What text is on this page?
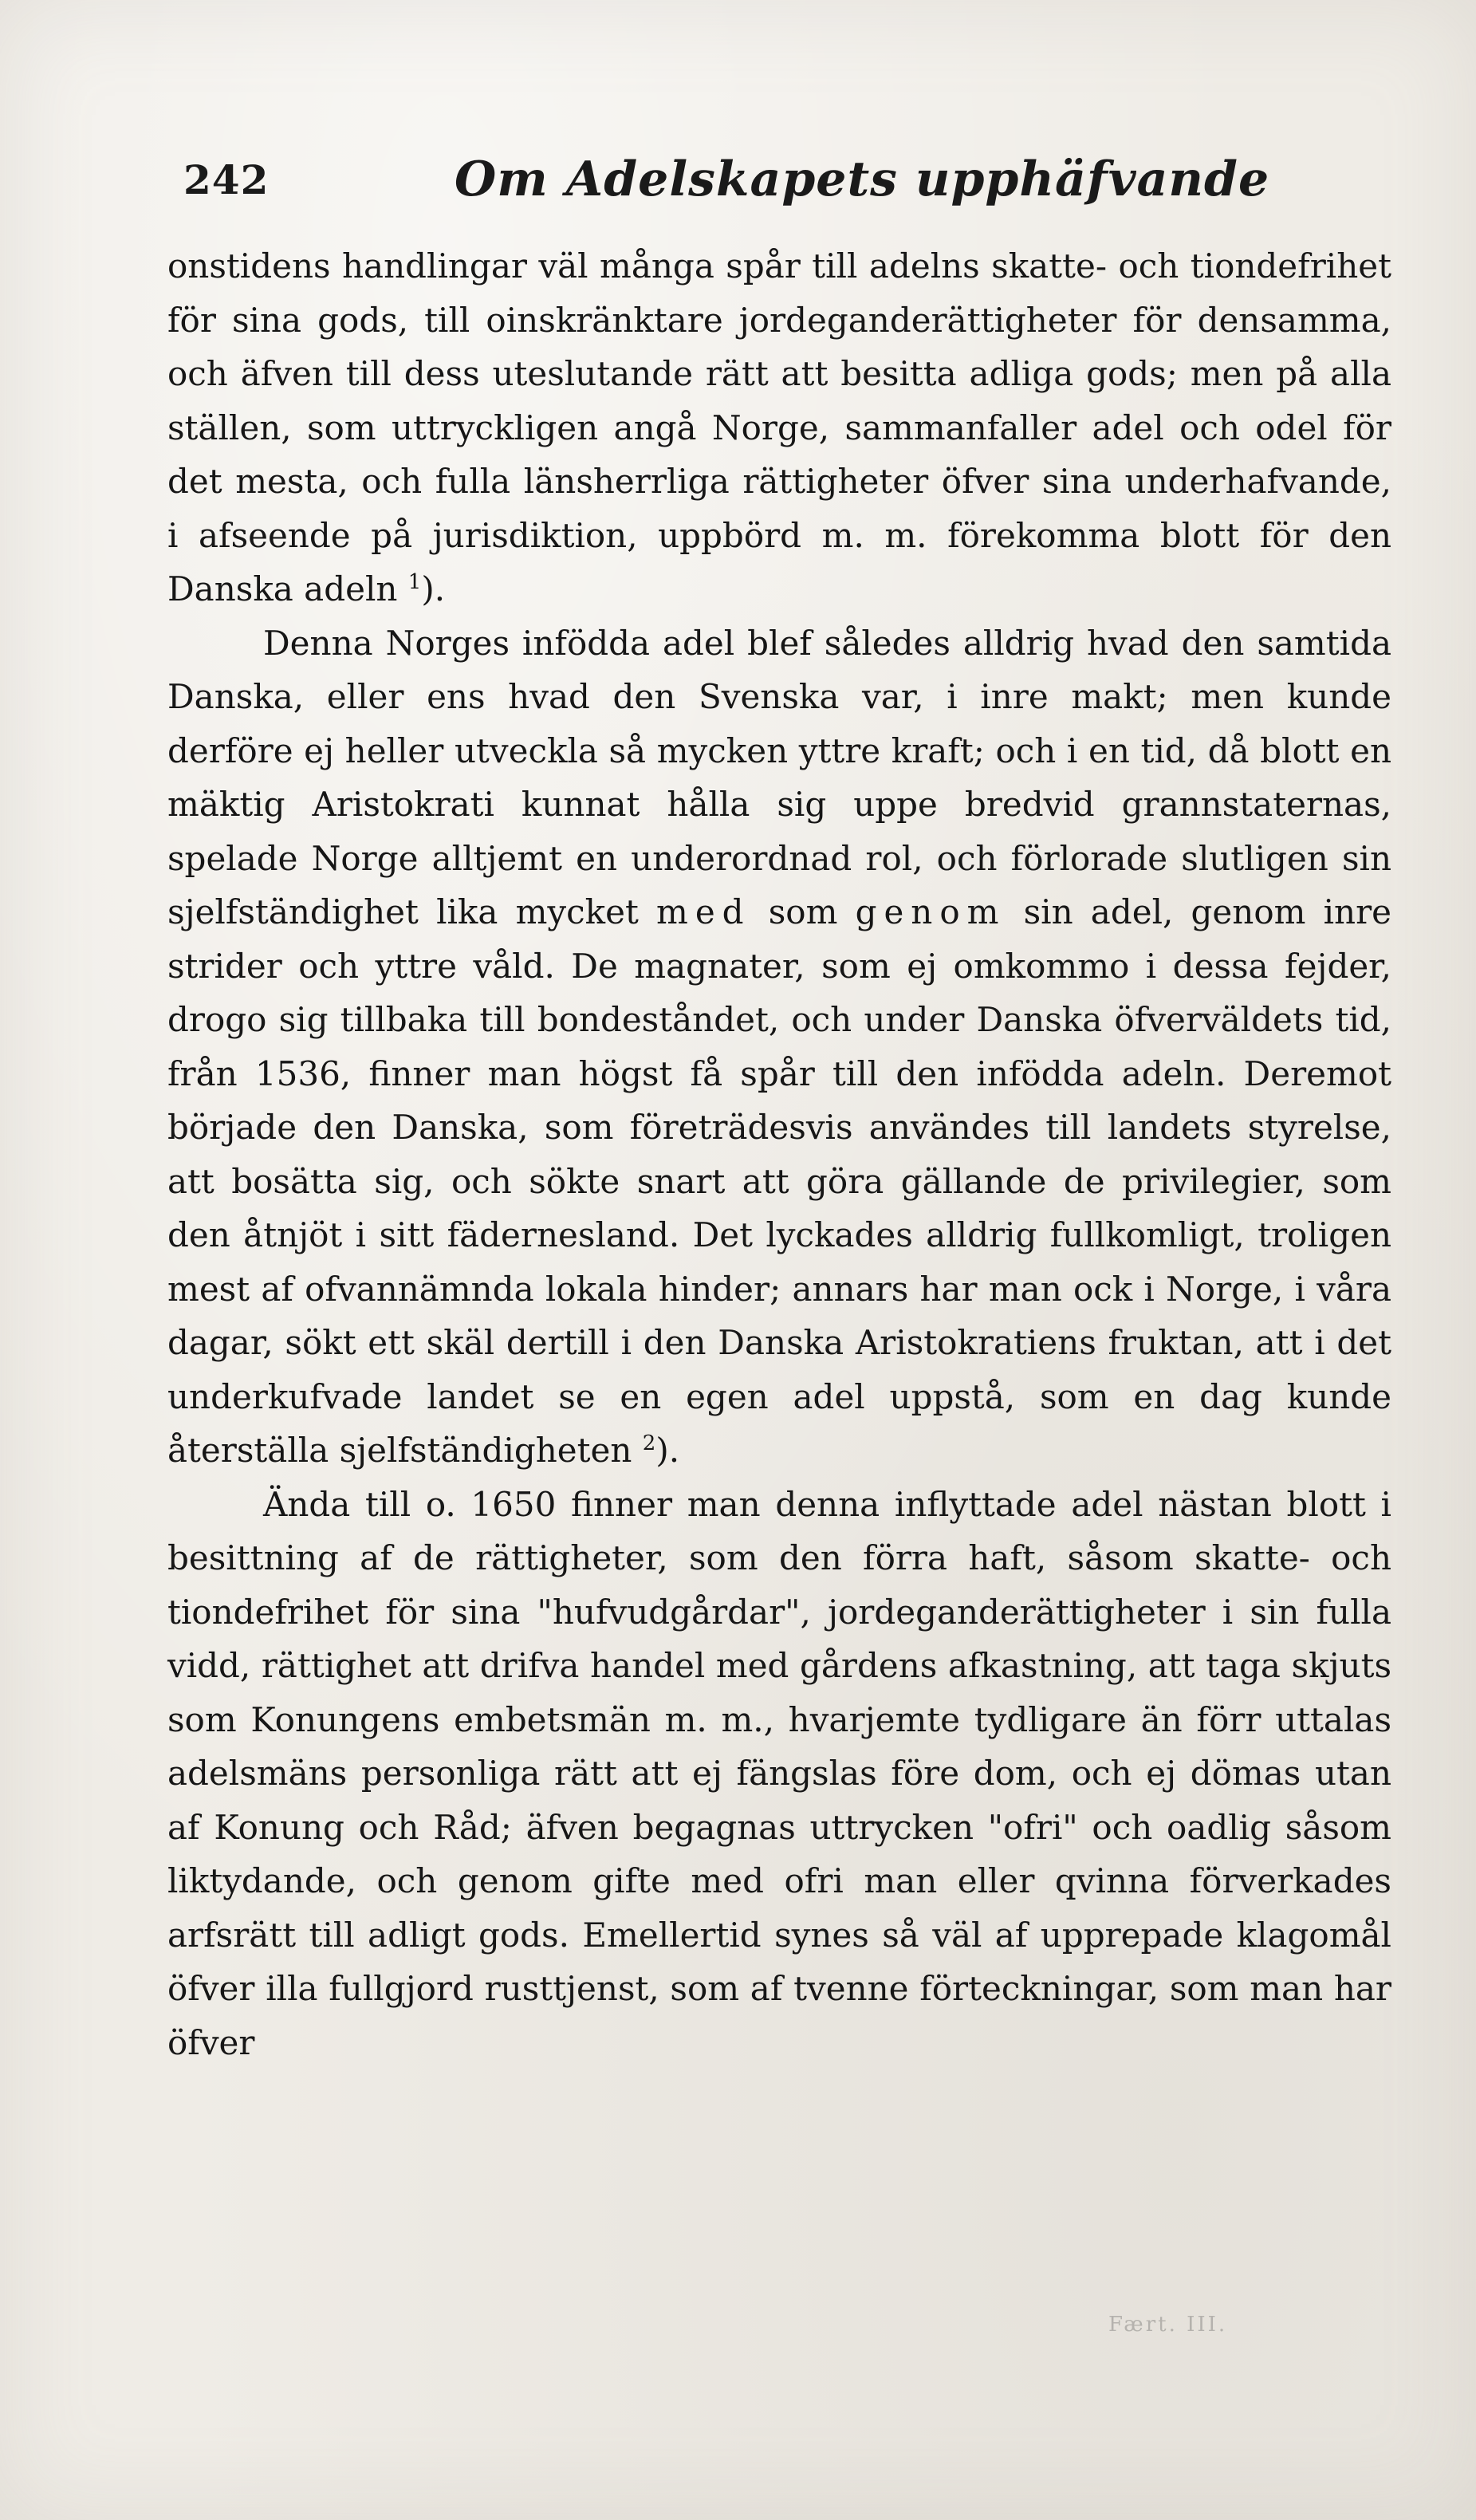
242	Om Adelskapets upphäfvande

onstidens handlingar väl många spår till adelns skatte- och tiondefrihet för sina gods, till oinskränktare jordeganderättigheter för densamma, och äfven till dess uteslutande rätt att besitta adliga gods; men på alla ställen, som uttryckligen angå Norge, sammanfaller adel och odel för det mesta, och fulla länsherrliga rättigheter öfver sina underhafvande, i afseende på jurisdiktion, uppbörd m. m. förekomma blott för den Danska adeln $^1$).

Denna Norges infödda adel blef således alldrig hvad den samtida Danska, eller ens hvad den Svenska var, i inre makt; men kunde derföre ej heller utveckla så mycken yttre kraft; och i en tid, då blott en mäktig Aristokrati kunnat hålla sig uppe bredvid grannstaternas, spelade Norge alltjemt en underordnad rol, och förlorade slutligen sin sjelfständighet lika mycket med som genom sin adel, genom inre strider och yttre våld. De magnater, som ej omkommo i dessa fejder, drogo sig tillbaka till bondeståndet, och under Danska öfverväldets tid, från 1536, finner man högst få spår till den infödda adeln. Deremot började den Danska, som företrädesvis användes till landets styrelse, att bosätta sig, och sökte snart att göra gällande de privilegier, som den åtnjöt i sitt fädernesland. Det lyckades alldrig fullkomligt, troligen mest af ofvannämnda lokala hinder; annars har man ock i Norge, i våra dagar, sökt ett skäl dertill i den Danska Aristokratiens fruktan, att i det underkufvade landet se en egen adel uppstå, som en dag kunde återställa sjelfständigheten $^2$).

Ända till o. 1650 finner man denna inflyttade adel nästan blott i besittning af de rättigheter, som den förra haft, såsom skatte- och tiondefrihet för sina "hufvudgårdar", jordeganderättigheter i sin fulla vidd, rättighet att drifva handel med gårdens afkastning, att taga skjuts som Konungens embetsmän m. m., hvarjemte tydligare än förr uttalas adelsmäns personliga rätt att ej fängslas före dom, och ej dömas utan af Konung och Råd; äfven begagnas uttrycken "ofri" och oadlig såsom liktydande, och genom gifte med ofri man eller qvinna förverkades arfsrätt till adligt gods. Emellertid synes så väl af upprepade klagomål öfver illa fullgjord rusttjenst, som af tvenne förteckningar, som man har öfver

Fært. III.
